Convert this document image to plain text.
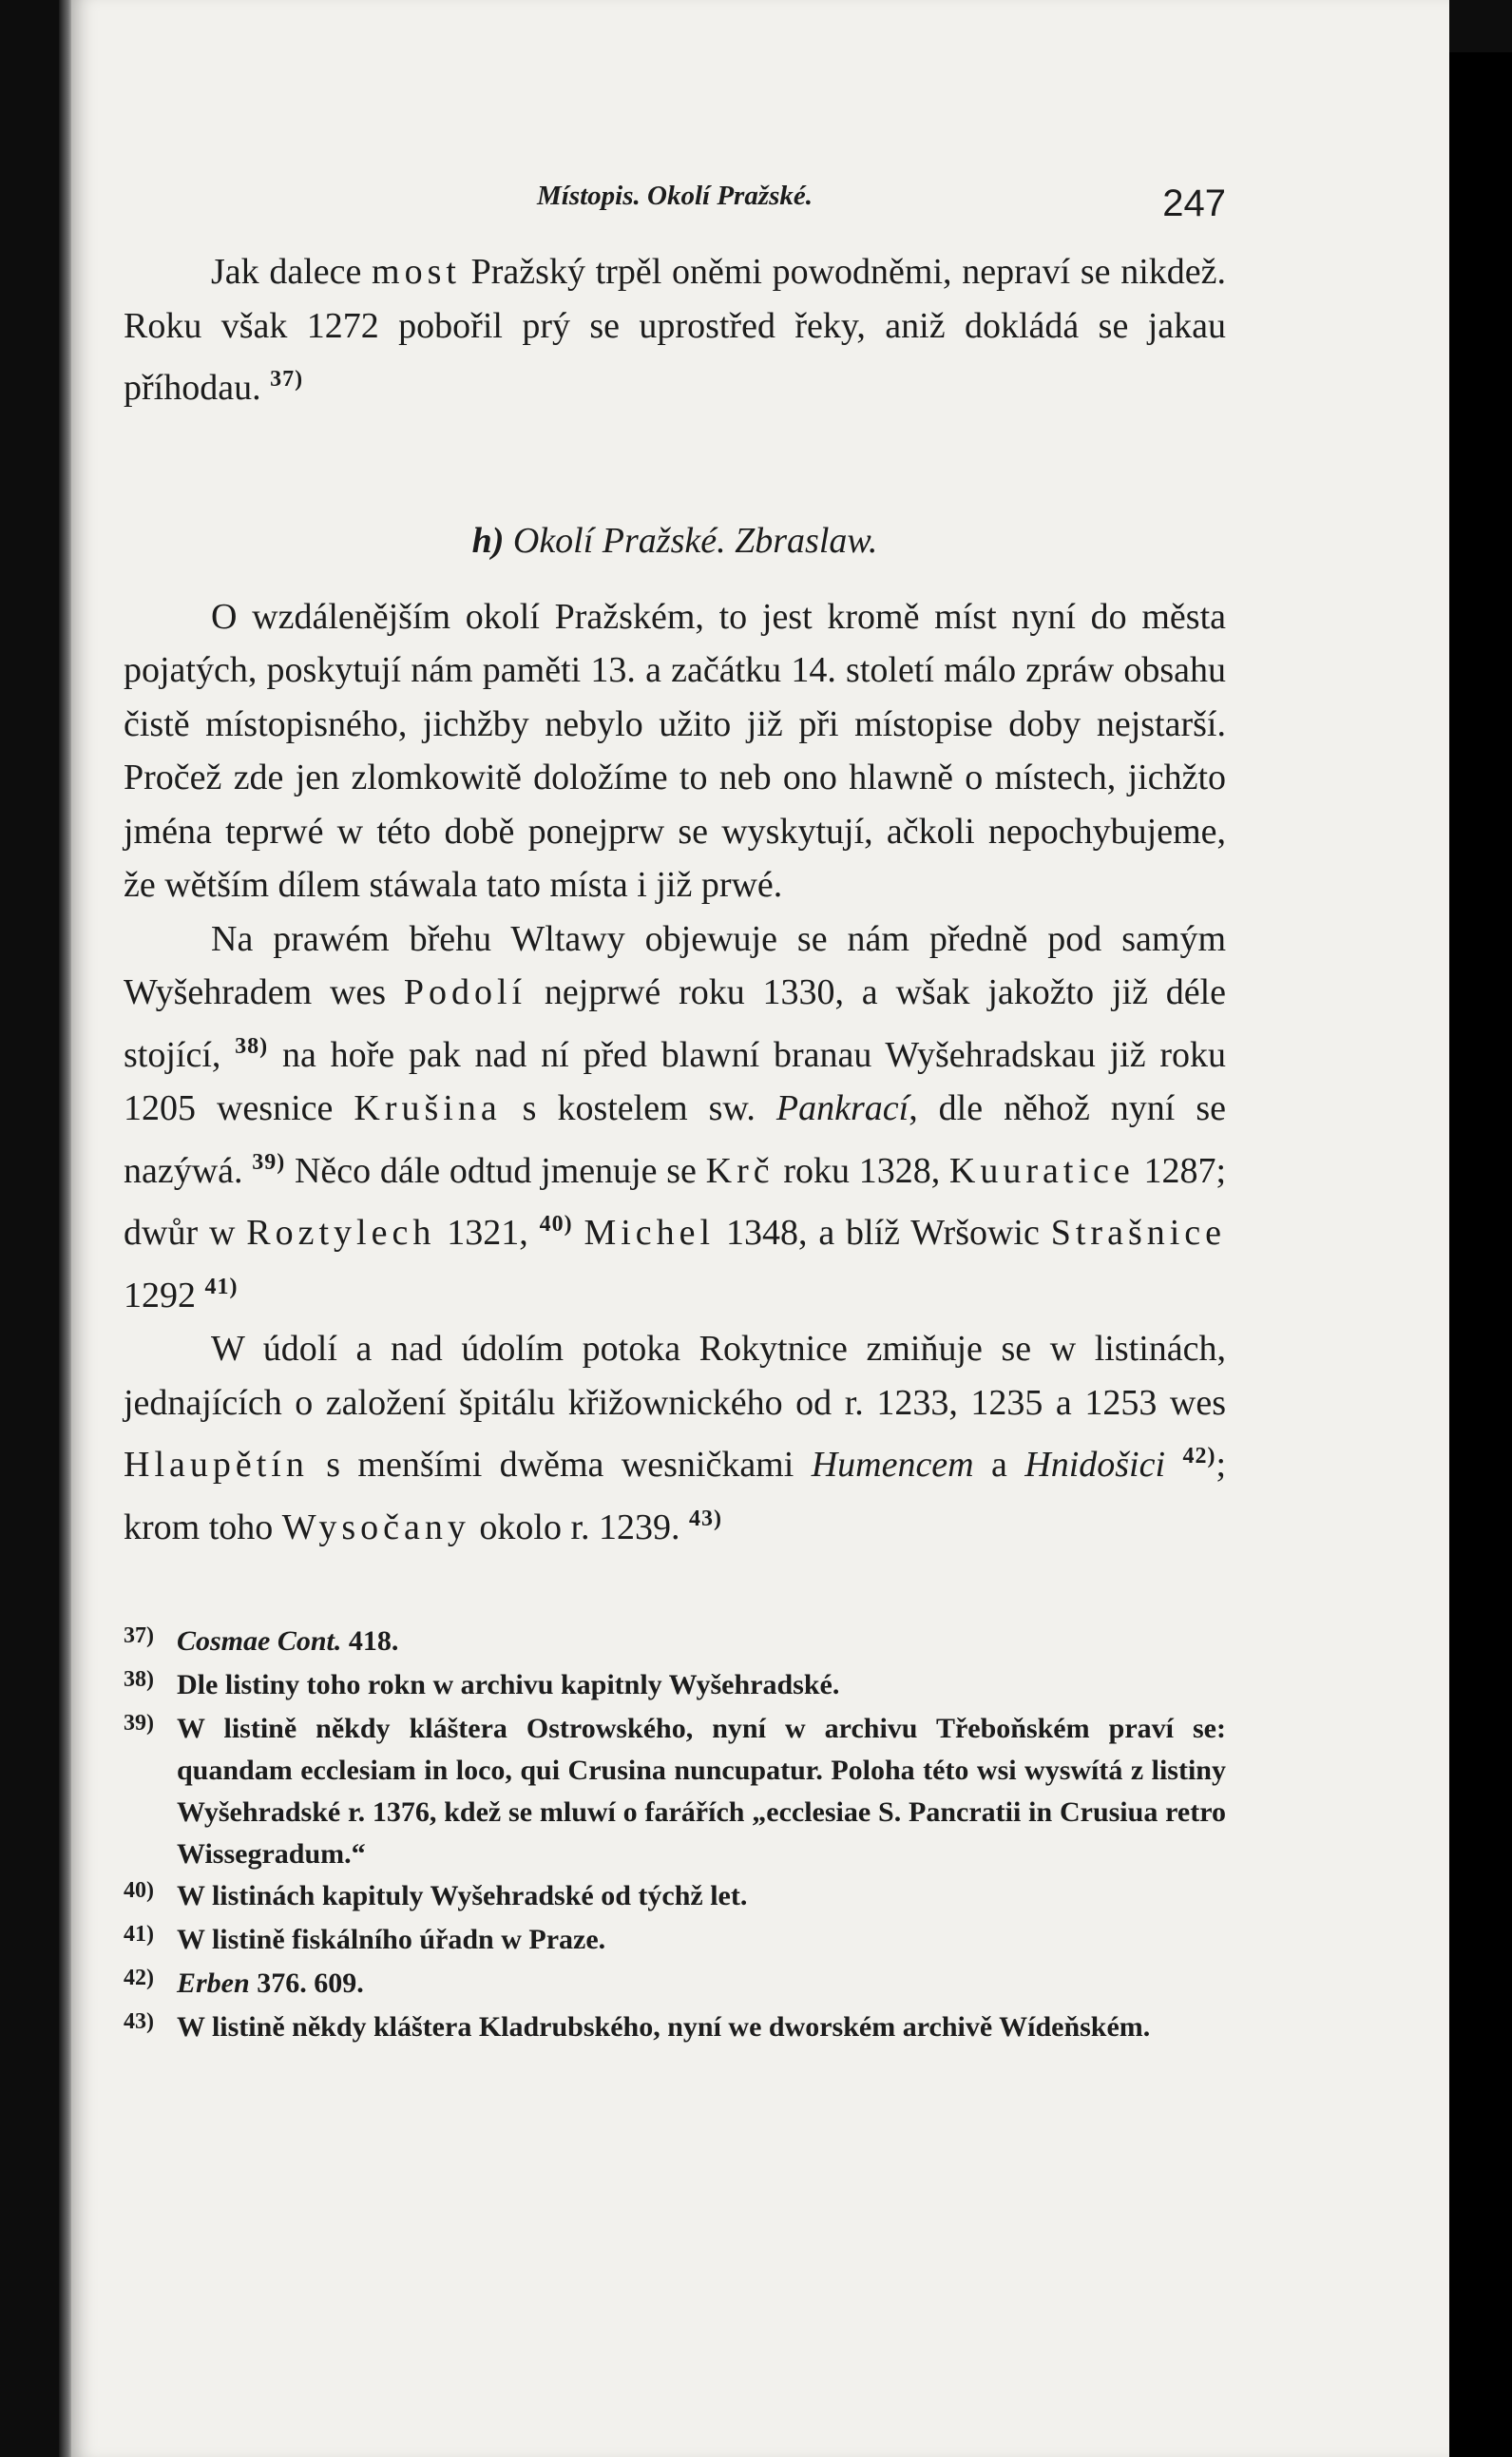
Místopis. Okolí Pražské.	247

Jak dalece most Pražský trpěl oněmi powodněmi, nepraví se nikdež. Roku však 1272 pobořil prý se uprostřed řeky, aniž dokládá se jakau příhodau. $^{37)}$

h) Okolí Pražské. Zbraslaw.

O wzdálenějším okolí Pražském, to jest kromě míst nyní do města pojatých, poskytují nám paměti 13. a začátku 14. století málo zpráw obsahu čistě místopisného, jichžby nebylo užito již při místopise doby nejstarší. Pročež zde jen zlomkowitě doložíme to neb ono hlawně o místech, jichžto jména teprwé w této době ponejprw se wyskytují, ačkoli nepochybujeme, že wětším dílem stáwala tato místa i již prwé.

Na prawém břehu Wltawy objewuje se nám předně pod samým Wyšehradem wes Podolí nejprwé roku 1330, a wšak jakožto již déle stojící, $^{38)}$ na hoře pak nad ní před blawní branau Wyšehradskau již roku 1205 wesnice Krušina s kostelem sw. Pankrací, dle něhož nyní se nazýwá. $^{39)}$ Něco dále odtud jmenuje se Krč roku 1328, Kuuratice 1287; dwůr w Roztylech 1321, $^{40)}$ Michel 1348, a blíž Wršowic Strašnice 1292 $^{41)}$

W údolí a nad údolím potoka Rokytnice zmiňuje se w listinách, jednajících o založení špitálu křižownického od r. 1233, 1235 a 1253 wes Hlaupětín s menšími dwěma wesničkami Humencem a Hnidošici $^{42)}$; krom toho Wysočany okolo r. 1239. $^{43)}$

37) Cosmae Cont. 418.
38) Dle listiny toho rokn w archivu kapitnly Wyšehradské.
39) W listině někdy kláštera Ostrowského, nyní w archivu Třeboňském praví se: quandam ecclesiam in loco, qui Crusina nuncupatur. Poloha této wsi wyswítá z listiny Wyšehradské r. 1376, kdež se mluwí o farářích „ecclesiae S. Pancratii in Crusiua retro Wissegradum.“
40) W listinách kapituly Wyšehradské od týchž let.
41) W listině fiskálního úřadn w Praze.
42) Erben 376. 609.
43) W listině někdy kláštera Kladrubského, nyní we dworském archivě Wídeňském.
